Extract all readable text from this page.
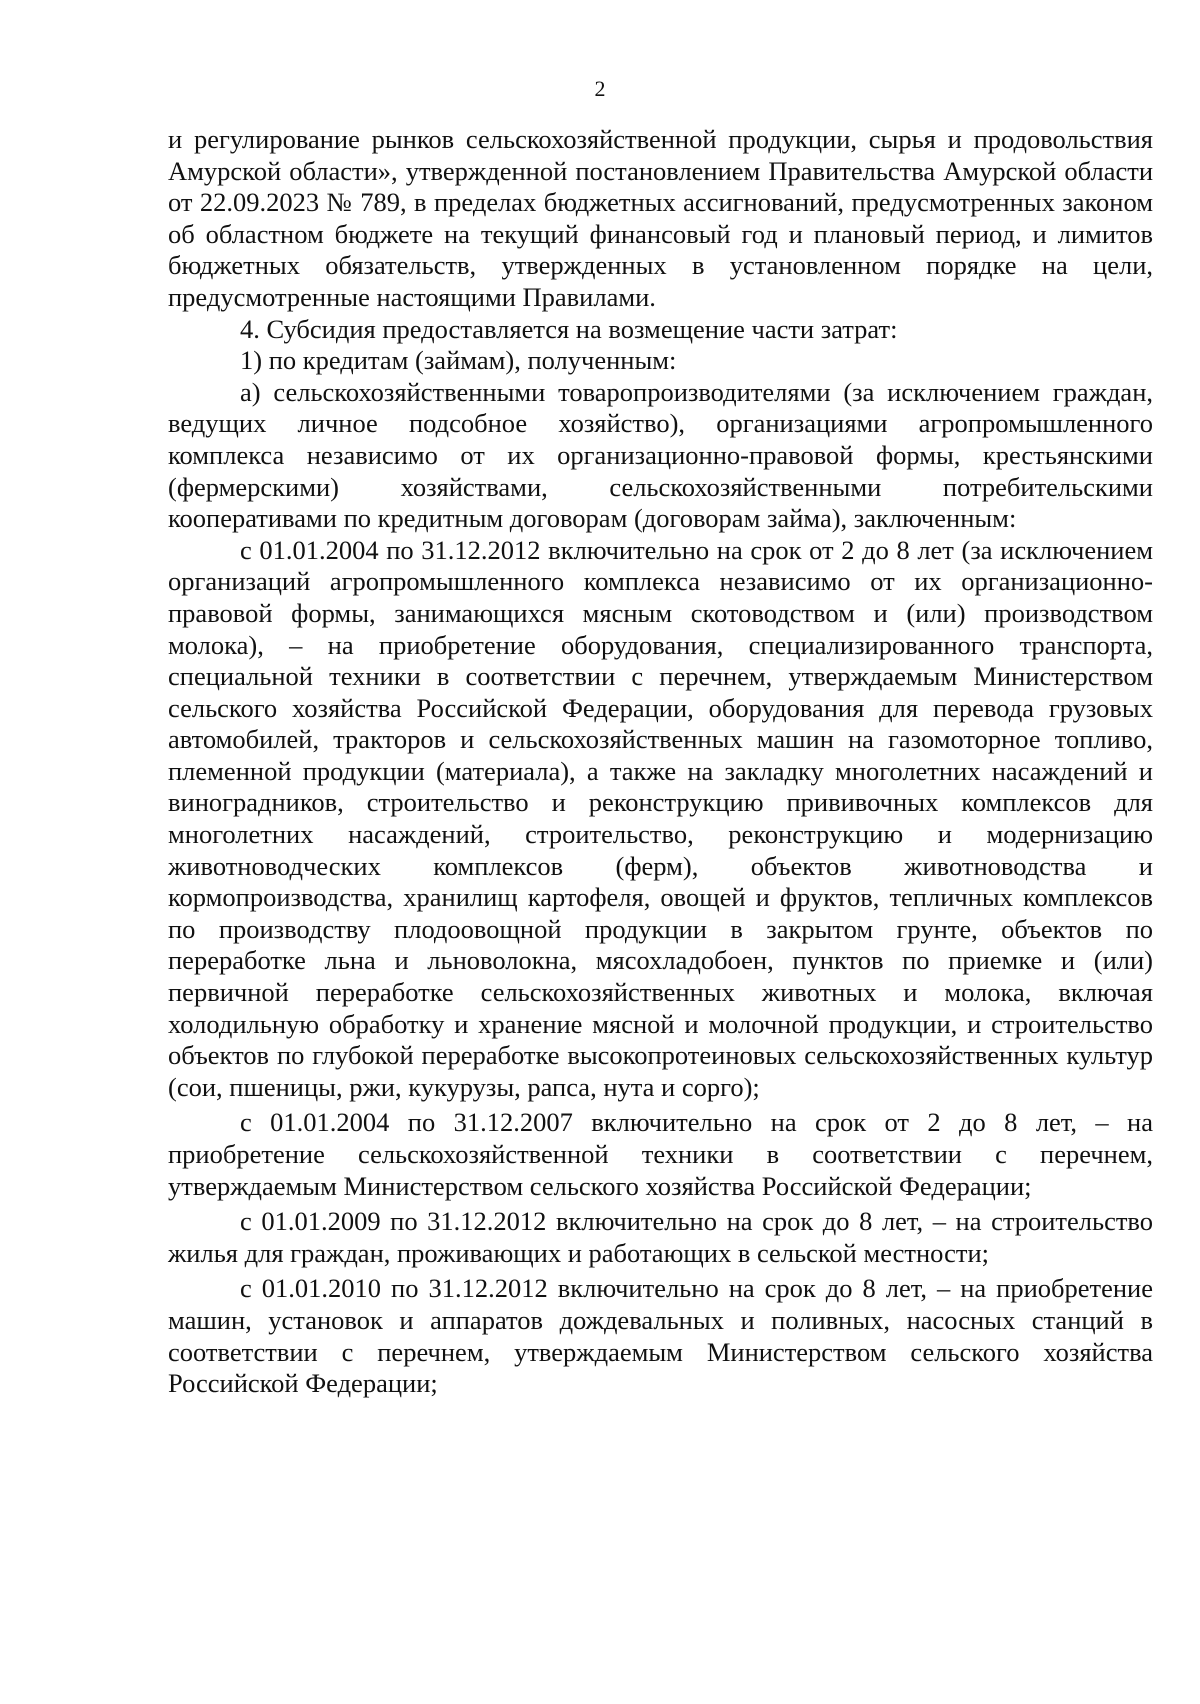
2

и регулирование рынков сельскохозяйственной продукции, сырья и продовольствия Амурской области», утвержденной постановлением Правительства Амурской области от 22.09.2023 № 789, в пределах бюджетных ассигнований, предусмотренных законом об областном бюджете на текущий финансовый год и плановый период, и лимитов бюджетных обязательств, утвержденных в установленном порядке на цели, предусмотренные настоящими Правилами.

4. Субсидия предоставляется на возмещение части затрат:

1) по кредитам (займам), полученным:

а) сельскохозяйственными товаропроизводителями (за исключением граждан, ведущих личное подсобное хозяйство), организациями агропромышленного комплекса независимо от их организационно-правовой формы, крестьянскими (фермерскими) хозяйствами, сельскохозяйственными потребительскими кооперативами по кредитным договорам (договорам займа), заключенным:

с 01.01.2004 по 31.12.2012 включительно на срок от 2 до 8 лет (за исключением организаций агропромышленного комплекса независимо от их организационно-правовой формы, занимающихся мясным скотоводством и (или) производством молока), – на приобретение оборудования, специализированного транспорта, специальной техники в соответствии с перечнем, утверждаемым Министерством сельского хозяйства Российской Федерации, оборудования для перевода грузовых автомобилей, тракторов и сельскохозяйственных машин на газомоторное топливо, племенной продукции (материала), а также на закладку многолетних насаждений и виноградников, строительство и реконструкцию прививочных комплексов для многолетних насаждений, строительство, реконструкцию и модернизацию животноводческих комплексов (ферм), объектов животноводства и кормопроизводства, хранилищ картофеля, овощей и фруктов, тепличных комплексов по производству плодоовощной продукции в закрытом грунте, объектов по переработке льна и льноволокна, мясохладобоен, пунктов по приемке и (или) первичной переработке сельскохозяйственных животных и молока, включая холодильную обработку и хранение мясной и молочной продукции, и строительство объектов по глубокой переработке высокопротеиновых сельскохозяйственных культур (сои, пшеницы, ржи, кукурузы, рапса, нута и сорго);

с 01.01.2004 по 31.12.2007 включительно на срок от 2 до 8 лет, – на приобретение сельскохозяйственной техники в соответствии с перечнем, утверждаемым Министерством сельского хозяйства Российской Федерации;

с 01.01.2009 по 31.12.2012 включительно на срок до 8 лет, – на строительство жилья для граждан, проживающих и работающих в сельской местности;

с 01.01.2010 по 31.12.2012 включительно на срок до 8 лет, – на приобретение машин, установок и аппаратов дождевальных и поливных, насосных станций в соответствии с перечнем, утверждаемым Министерством сельского хозяйства Российской Федерации;
